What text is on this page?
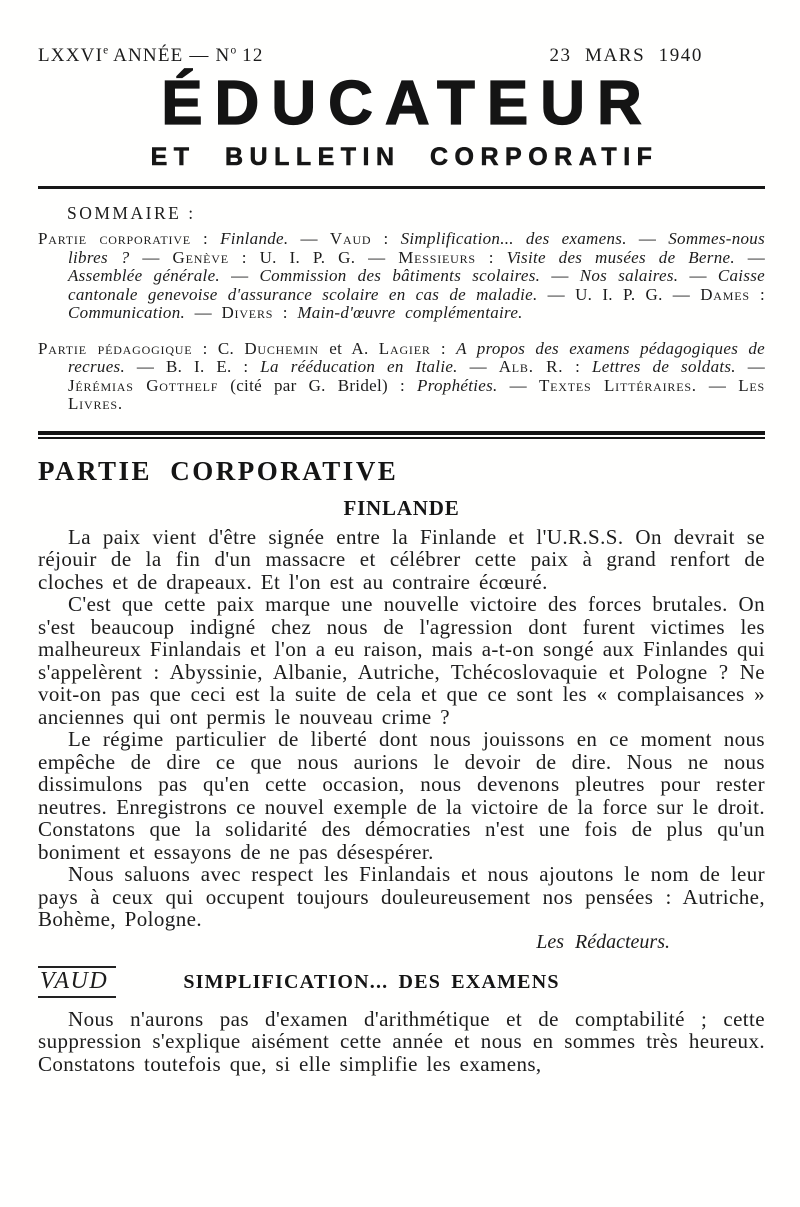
LXXVIe ANNÉE — $N^o$ 12	23 MARS 1940
ÉDUCATEUR
ET BULLETIN CORPORATIF
SOMMAIRE :

Partie corporative : Finlande. — Vaud : Simplification... des examens. — Sommes-nous libres ? — Genève : U. I. P. G. — Messieurs : Visite des musées de Berne. — Assemblée générale. — Commission des bâtiments scolaires. — Nos salaires. — Caisse cantonale genevoise d'assurance scolaire en cas de maladie. — U. I. P. G. — Dames : Communication. — Divers : Main-d'œuvre complémentaire.

Partie pédagogique : C. Duchemin et A. Lagier : A propos des examens pédagogiques de recrues. — B. I. E. : La rééducation en Italie. — Alb. R. : Lettres de soldats. — Jérémias Gotthelf (cité par G. Bridel) : Prophéties. — Textes Littéraires. — Les Livres.

PARTIE CORPORATIVE
FINLANDE

La paix vient d'être signée entre la Finlande et l'U.R.S.S. On devrait se réjouir de la fin d'un massacre et célébrer cette paix à grand renfort de cloches et de drapeaux. Et l'on est au contraire écœuré.

C'est que cette paix marque une nouvelle victoire des forces brutales. On s'est beaucoup indigné chez nous de l'agression dont furent victimes les malheureux Finlandais et l'on a eu raison, mais a-t-on songé aux Finlandes qui s'appelèrent : Abyssinie, Albanie, Autriche, Tchécoslovaquie et Pologne ? Ne voit-on pas que ceci est la suite de cela et que ce sont les « complaisances » anciennes qui ont permis le nouveau crime ?

Le régime particulier de liberté dont nous jouissons en ce moment nous empêche de dire ce que nous aurions le devoir de dire. Nous ne nous dissimulons pas qu'en cette occasion, nous devenons pleutres pour rester neutres. Enregistrons ce nouvel exemple de la victoire de la force sur le droit. Constatons que la solidarité des démocraties n'est une fois de plus qu'un boniment et essayons de ne pas désespérer.

Nous saluons avec respect les Finlandais et nous ajoutons le nom de leur pays à ceux qui occupent toujours douleureusement nos pensées : Autriche, Bohème, Pologne.

Les Rédacteurs.
VAUD	SIMPLIFICATION... DES EXAMENS

Nous n'aurons pas d'examen d'arithmétique et de comptabilité ; cette suppression s'explique aisément cette année et nous en sommes très heureux. Constatons toutefois que, si elle simplifie les examens,
